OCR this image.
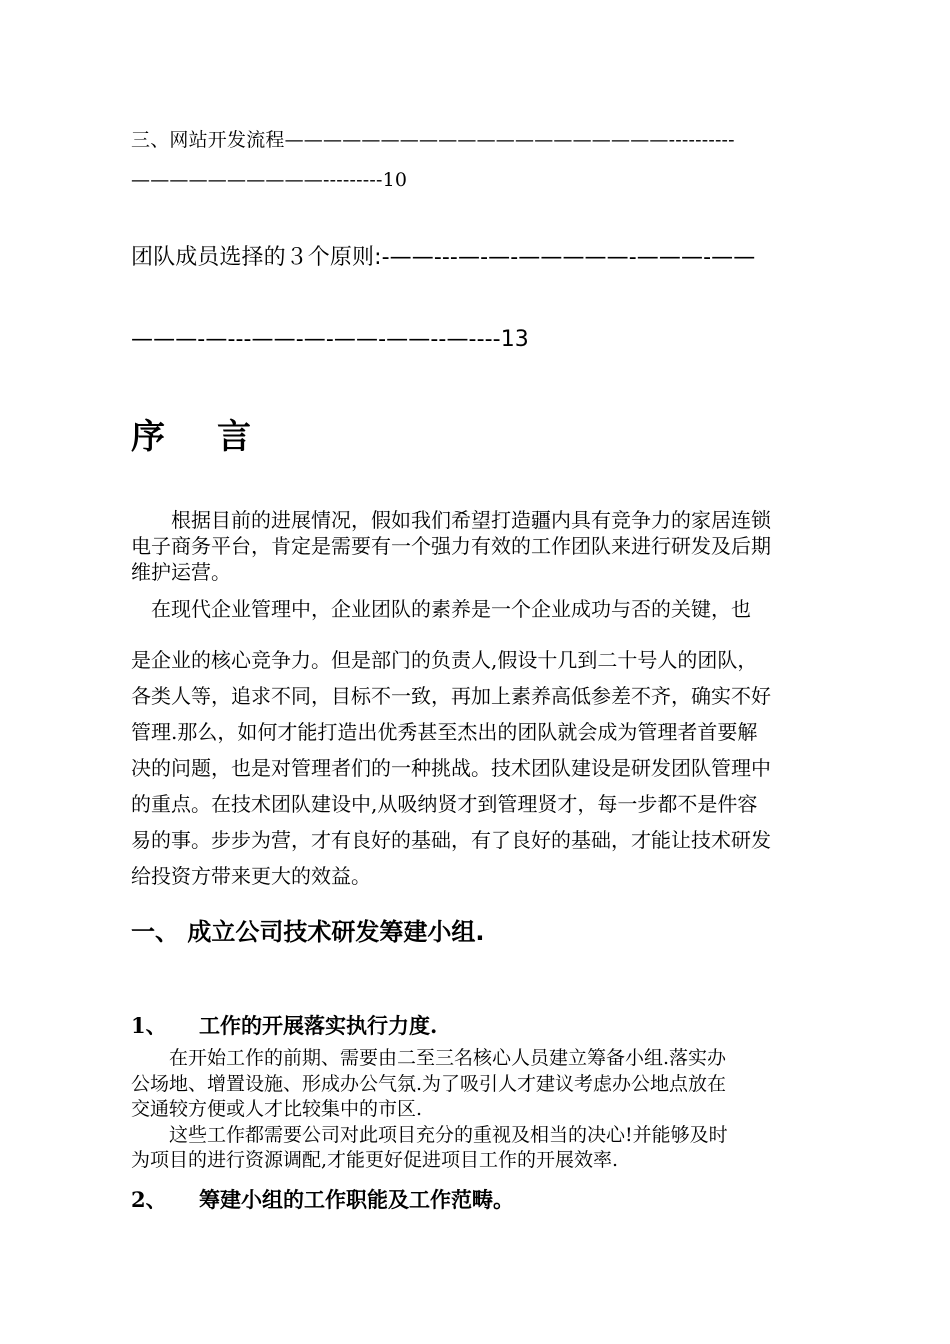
三、网站开发流程————————————————————----------
——————————---------10
团队成员选择的３个原则:-——---—-—-—————-———-——
———-—---——-—-——-——--—----13
序 言
　　根据目前的进展情况，假如我们希望打造疆内具有竞争力的家居连锁
电子商务平台，肯定是需要有一个强力有效的工作团队来进行研发及后期
维护运营。
　在现代企业管理中，企业团队的素养是一个企业成功与否的关键，也
是企业的核心竞争力。但是部门的负责人,假设十几到二十号人的团队，
各类人等，追求不同，目标不一致，再加上素养高低参差不齐，确实不好
管理.那么，如何才能打造出优秀甚至杰出的团队就会成为管理者首要解
决的问题，也是对管理者们的一种挑战。技术团队建设是研发团队管理中
的重点。在技术团队建设中,从吸纳贤才到管理贤才，每一步都不是件容
易的事。步步为营，才有良好的基础，有了良好的基础，才能让技术研发
给投资方带来更大的效益。
一、 成立公司技术研发筹建小组.
1、 工作的开展落实执行力度.
　　在开始工作的前期、需要由二至三名核心人员建立筹备小组.落实办
公场地、增置设施、形成办公气氛.为了吸引人才建议考虑办公地点放在
交通较方便或人才比较集中的市区.
　　这些工作都需要公司对此项目充分的重视及相当的决心!并能够及时
为项目的进行资源调配,才能更好促进项目工作的开展效率.
2、 筹建小组的工作职能及工作范畴。
